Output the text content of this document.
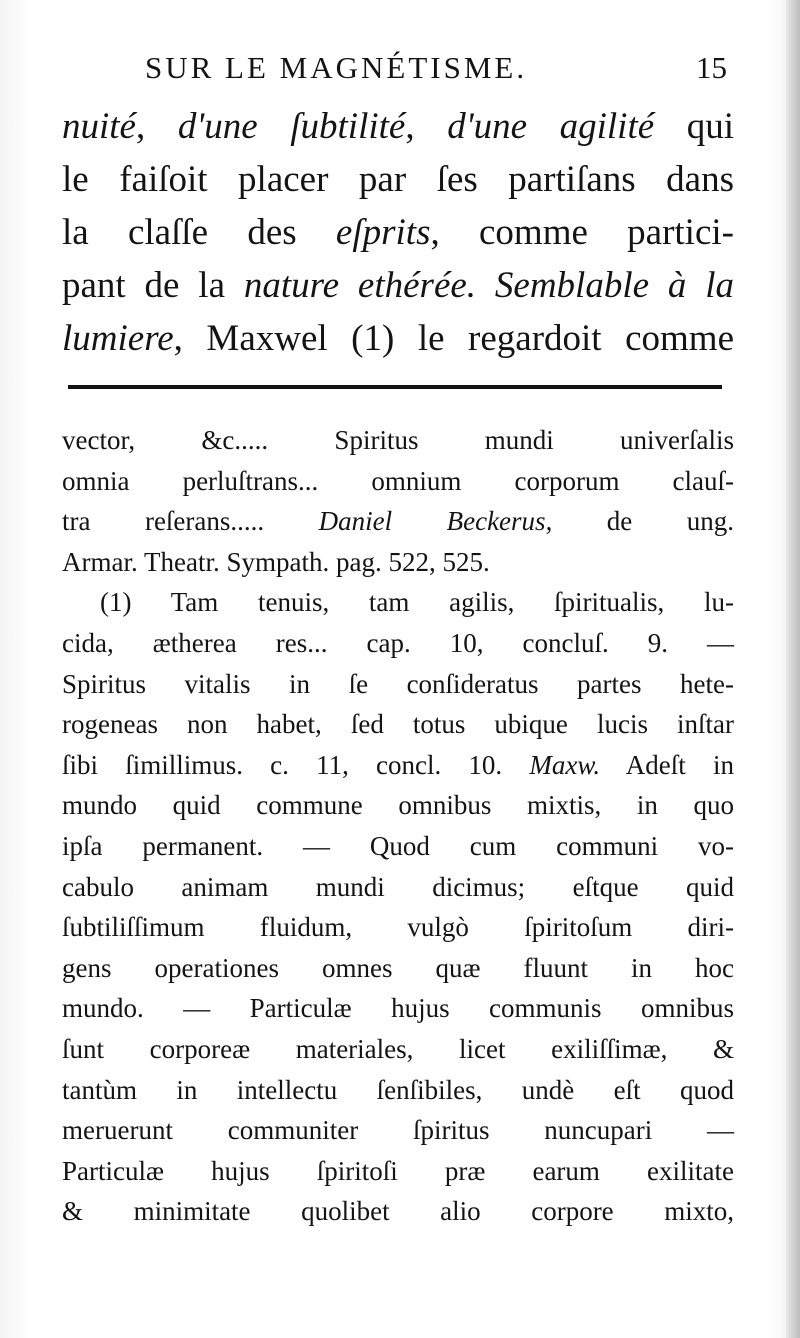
SUR LE MAGNÉTISME.	15
nuité, d'une ſubtilité, d'une agilité qui
le faiſoit placer par ſes partiſans dans
la claſſe des eſprits, comme partici-
pant de la nature ethérée. Semblable à la
lumiere, Maxwel (1) le regardoit comme
vector, &c..... Spiritus mundi univerſalis
omnia perluſtrans... omnium corporum clauſ-
tra reſerans..... Daniel Beckerus, de ung.
Armar. Theatr. Sympath. pag. 522, 525.
(1) Tam tenuis, tam agilis, ſpiritualis, lu-
cida, ætherea res... cap. 10, concluſ. 9. —
Spiritus vitalis in ſe conſideratus partes hete-
rogeneas non habet, ſed totus ubique lucis inſtar
ſibi ſimillimus. c. 11, concl. 10. Maxw. Adeſt in
mundo quid commune omnibus mixtis, in quo
ipſa permanent. — Quod cum communi vo-
cabulo animam mundi dicimus; eſtque quid
ſubtiliſſimum fluidum, vulgò ſpiritoſum diri-
gens operationes omnes quæ fluunt in hoc
mundo. — Particulæ hujus communis omnibus
ſunt corporeæ materiales, licet exiliſſimæ, &
tantùm in intellectu ſenſibiles, undè eſt quod
meruerunt communiter ſpiritus nuncupari —
Particulæ hujus ſpiritoſi præ earum exilitate
& minimitate quolibet alio corpore mixto,
